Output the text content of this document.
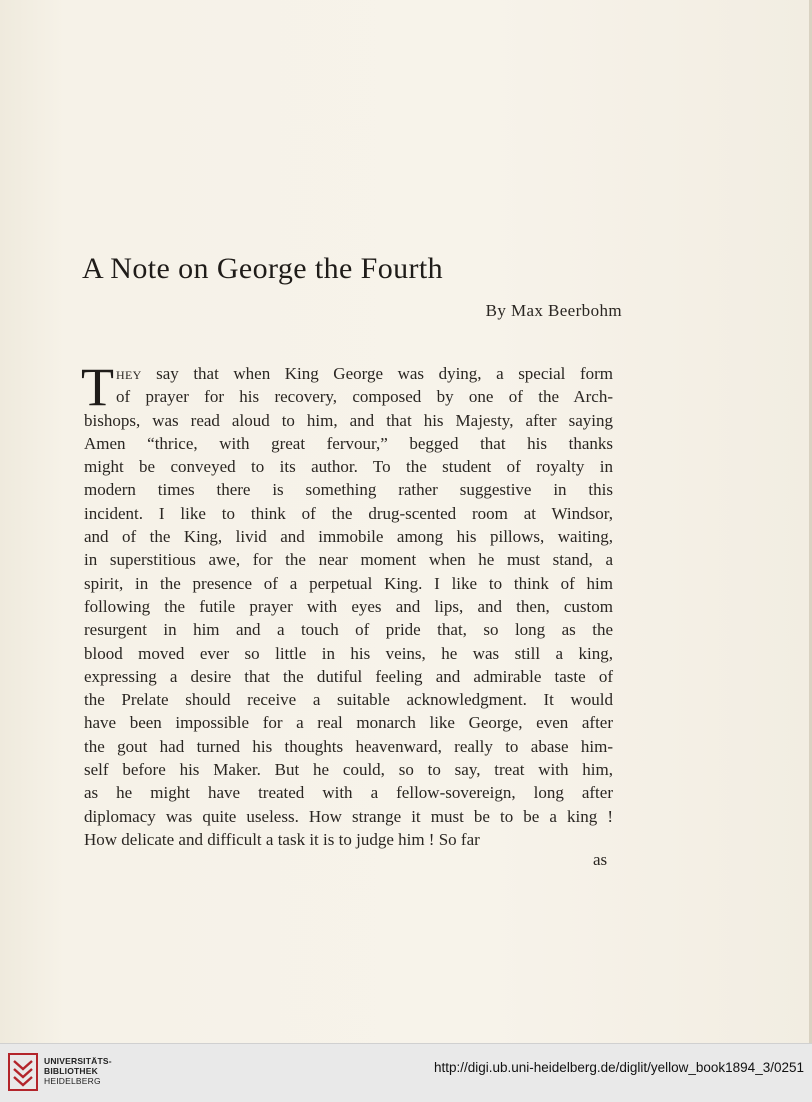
A Note on George the Fourth
By Max Beerbohm
T hey say that when King George was dying, a special form
of prayer for his recovery, composed by one of the Arch-
bishops, was read aloud to him, and that his Majesty, after saying
Amen “thrice, with great fervour,” begged that his thanks
might be conveyed to its author. To the student of royalty in
modern times there is something rather suggestive in this
incident. I like to think of the drug-scented room at Windsor,
and of the King, livid and immobile among his pillows, waiting,
in superstitious awe, for the near moment when he must stand, a
spirit, in the presence of a perpetual King. I like to think of him
following the futile prayer with eyes and lips, and then, custom
resurgent in him and a touch of pride that, so long as the
blood moved ever so little in his veins, he was still a king,
expressing a desire that the dutiful feeling and admirable taste of
the Prelate should receive a suitable acknowledgment. It would
have been impossible for a real monarch like George, even after
the gout had turned his thoughts heavenward, really to abase him-
self before his Maker. But he could, so to say, treat with him,
as he might have treated with a fellow-sovereign, long after
diplomacy was quite useless. How strange it must be to be a king !
How delicate and difficult a task it is to judge him ! So far
as
UNIVERSITÄTS-
BIBLIOTHEK
HEIDELBERG
http://digi.ub.uni-heidelberg.de/diglit/yellow_book1894_3/0251
